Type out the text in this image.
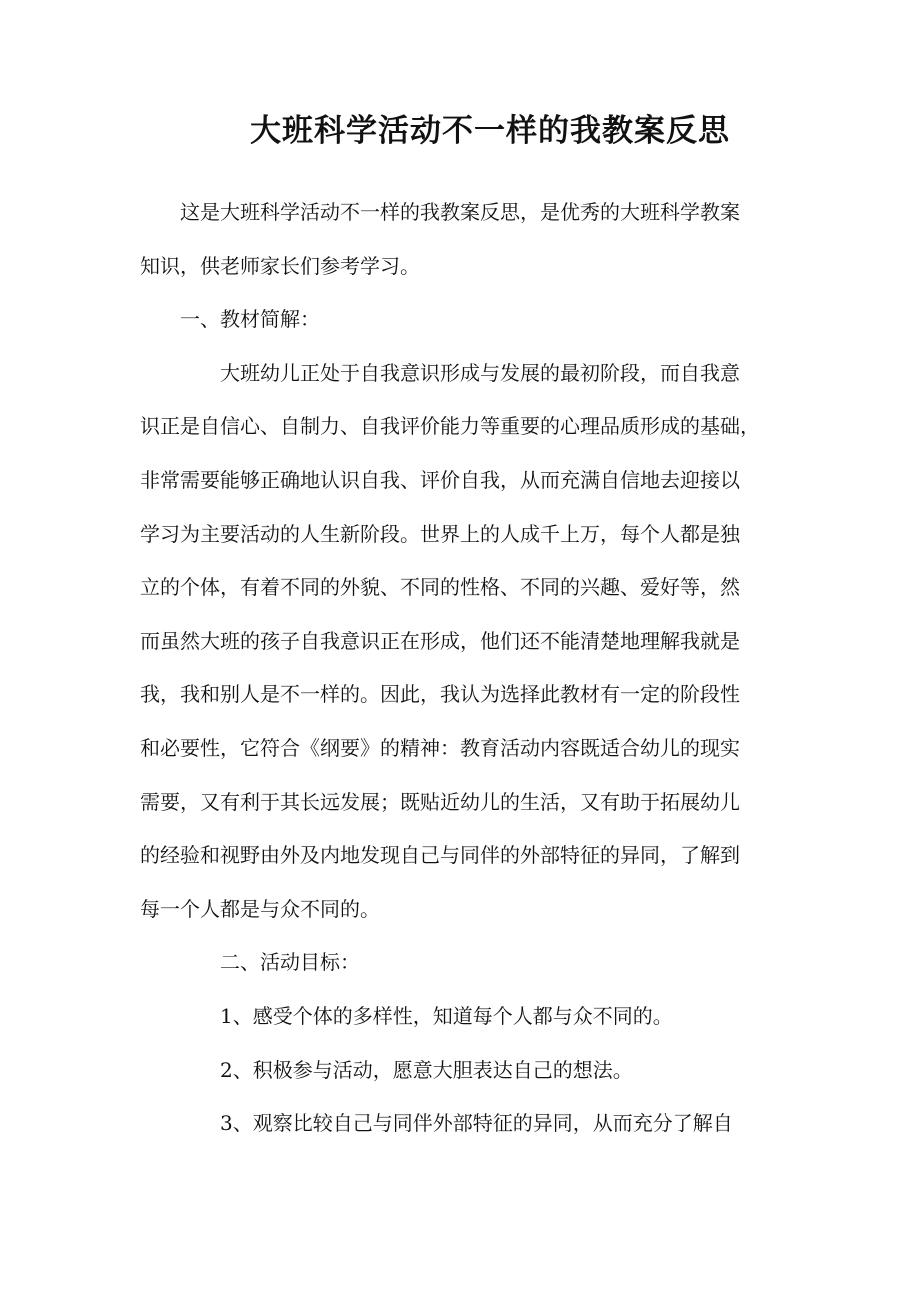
大班科学活动不一样的我教案反思

这是大班科学活动不一样的我教案反思，是优秀的大班科学教案
知识，供老师家长们参考学习。

一、教材简解：

大班幼儿正处于自我意识形成与发展的最初阶段，而自我意
识正是自信心、自制力、自我评价能力等重要的心理品质形成的基础，
非常需要能够正确地认识自我、评价自我，从而充满自信地去迎接以
学习为主要活动的人生新阶段。世界上的人成千上万，每个人都是独
立的个体，有着不同的外貌、不同的性格、不同的兴趣、爱好等，然
而虽然大班的孩子自我意识正在形成，他们还不能清楚地理解我就是
我，我和别人是不一样的。因此，我认为选择此教材有一定的阶段性
和必要性，它符合《纲要》的精神：教育活动内容既适合幼儿的现实
需要，又有利于其长远发展；既贴近幼儿的生活，又有助于拓展幼儿
的经验和视野由外及内地发现自己与同伴的外部特征的异同，了解到
每一个人都是与众不同的。

二、活动目标：

1、感受个体的多样性，知道每个人都与众不同的。

2、积极参与活动，愿意大胆表达自己的想法。

3、观察比较自己与同伴外部特征的异同，从而充分了解自
